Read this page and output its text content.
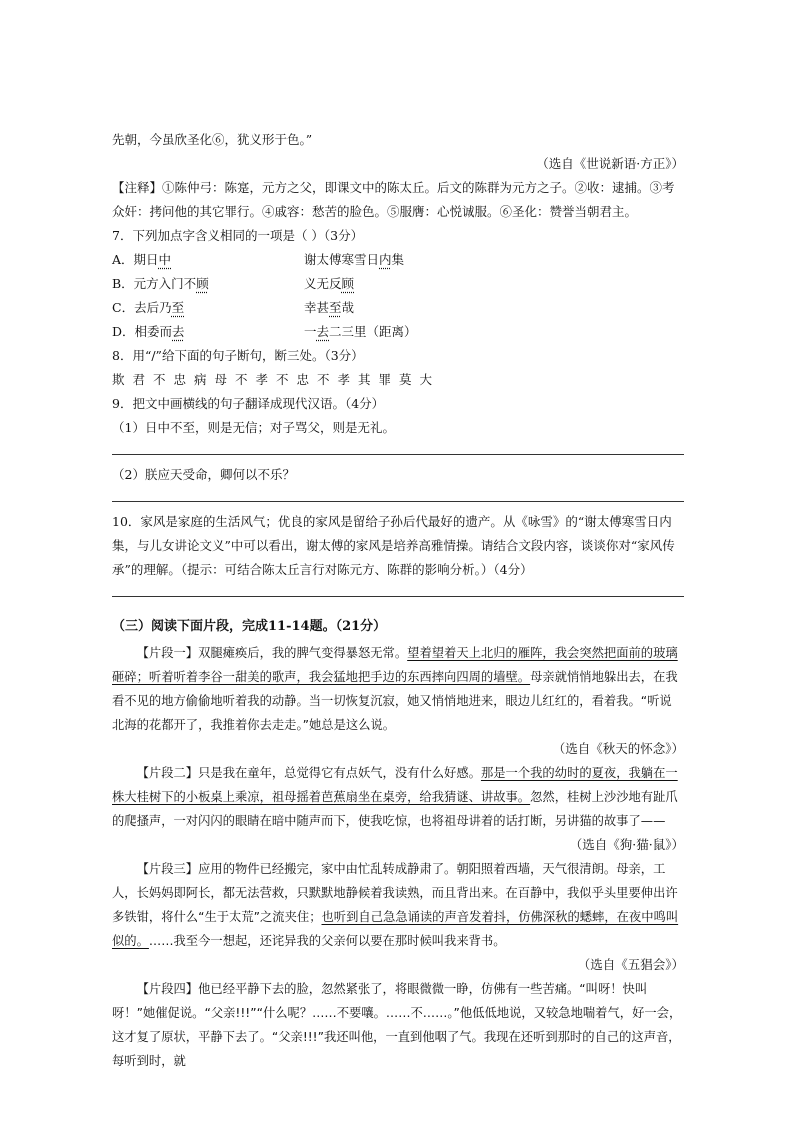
先朝，今虽欣圣化⑥，犹义形于色。”

（选自《世说新语·方正》）

【注释】①陈仲弓：陈寔，元方之父，即课文中的陈太丘。后文的陈群为元方之子。②收：逮捕。③考众奸：拷问他的其它罪行。④戚容：愁苦的脸色。⑤服膺：心悦诚服。⑥圣化：赞誉当朝君主。

7．下列加点字含义相同的一项是（ ）（3分）

A．期日中	谢太傅寒雪日内集
B．元方入门不顾	义无反顾
C．去后乃至	幸甚至哉
D．相委而去	一去二三里（距离）

8．用“/”给下面的句子断句，断三处。（3分）

欺君不忠病母不孝不忠不孝其罪莫大

9．把文中画横线的句子翻译成现代汉语。（4分）

（1）日中不至，则是无信；对子骂父，则是无礼。

（2）朕应天受命，卿何以不乐？

10．家风是家庭的生活风气；优良的家风是留给子孙后代最好的遗产。从《咏雪》的“谢太傅寒雪日内集，与儿女讲论文义”中可以看出，谢太傅的家风是培养高雅情操。请结合文段内容，谈谈你对“家风传承”的理解。（提示：可结合陈太丘言行对陈元方、陈群的影响分析。）（4分）

（三）阅读下面片段，完成11-14题。（21分）

【片段一】双腿瘫痪后，我的脾气变得暴怒无常。望着望着天上北归的雁阵，我会突然把面前的玻璃砸碎；听着听着李谷一甜美的歌声，我会猛地把手边的东西摔向四周的墙壁。母亲就悄悄地躲出去，在我看不见的地方偷偷地听着我的动静。当一切恢复沉寂，她又悄悄地进来，眼边儿红红的，看着我。“听说北海的花都开了，我推着你去走走。”她总是这么说。

（选自《秋天的怀念》）

【片段二】只是我在童年，总觉得它有点妖气，没有什么好感。那是一个我的幼时的夏夜，我躺在一株大桂树下的小板桌上乘凉，祖母摇着芭蕉扇坐在桌旁，给我猜谜、讲故事。忽然，桂树上沙沙地有趾爪的爬搔声，一对闪闪的眼睛在暗中随声而下，使我吃惊，也将祖母讲着的话打断，另讲猫的故事了——

（选自《狗·猫·鼠》）

【片段三】应用的物件已经搬完，家中由忙乱转成静肃了。朝阳照着西墙，天气很清朗。母亲，工人，长妈妈即阿长，都无法营救，只默默地静候着我读熟，而且背出来。在百静中，我似乎头里要伸出许多铁钳，将什么“生于太荒”之流夹住；也听到自己急急诵读的声音发着抖，仿佛深秋的蟋蟀，在夜中鸣叫似的。……我至今一想起，还诧异我的父亲何以要在那时候叫我来背书。

（选自《五猖会》）

【片段四】他已经平静下去的脸，忽然紧张了，将眼微微一睁，仿佛有一些苦痛。“叫呀！快叫呀！”她催促说。“父亲!!!”“什么呢？……不要嚷。……不……。”他低低地说，又较急地喘着气，好一会，这才复了原状，平静下去了。“父亲!!!”我还叫他，一直到他咽了气。我现在还听到那时的自己的这声音，每听到时，就
